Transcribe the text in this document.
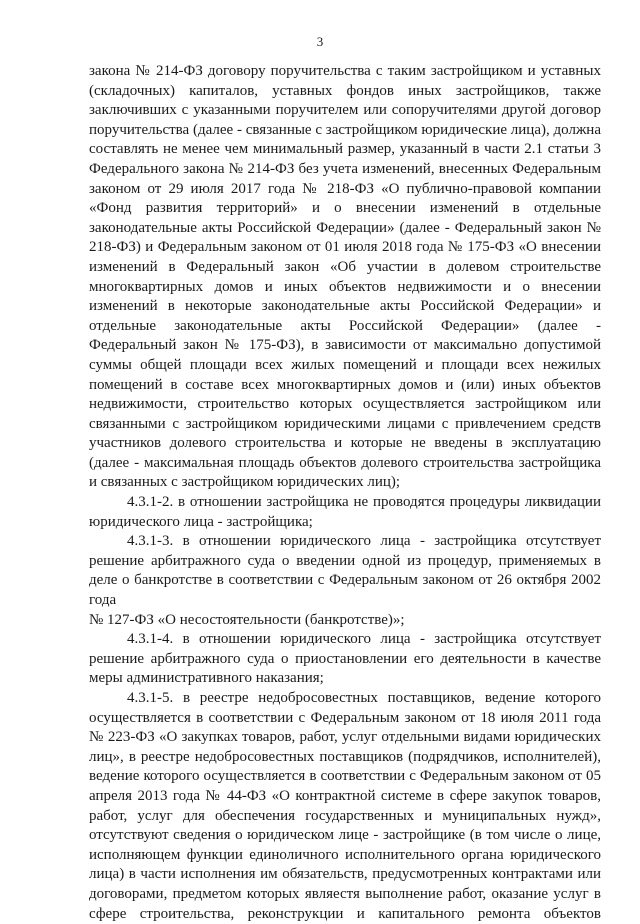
3
закона № 214-ФЗ договору поручительства с таким застройщиком и уставных
(складочных) капиталов, уставных фондов иных застройщиков, также
заключивших с указанными поручителем или сопоручителями другой договор
поручительства (далее - связанные с застройщиком юридические лица), должна
составлять не менее чем минимальный размер, указанный в части 2.1 статьи 3
Федерального закона № 214-ФЗ без учета изменений, внесенных Федеральным
законом от 29 июля 2017 года № 218-ФЗ «О публично-правовой компании
«Фонд развития территорий» и о внесении изменений в отдельные
законодательные акты Российской Федерации» (далее - Федеральный закон №
218-ФЗ) и Федеральным законом от 01 июля 2018 года № 175-ФЗ «О внесении
изменений в Федеральный закон «Об участии в долевом строительстве
многоквартирных домов и иных объектов недвижимости и о внесении
изменений в некоторые законодательные акты Российской Федерации» и
отдельные законодательные акты Российской Федерации» (далее -
Федеральный закон № 175-ФЗ), в зависимости от максимально допустимой
суммы общей площади всех жилых помещений и площади всех нежилых
помещений в составе всех многоквартирных домов и (или) иных объектов
недвижимости, строительство которых осуществляется застройщиком или
связанными с застройщиком юридическими лицами с привлечением средств
участников долевого строительства и которые не введены в эксплуатацию
(далее - максимальная площадь объектов долевого строительства застройщика
и связанных с застройщиком юридических лиц);
4.3.1-2. в отношении застройщика не проводятся процедуры ликвидации
юридического лица - застройщика;
4.3.1-3. в отношении юридического лица - застройщика отсутствует
решение арбитражного суда о введении одной из процедур, применяемых в
деле о банкротстве в соответствии с Федеральным законом от 26 октября 2002
года
№ 127-ФЗ «О несостоятельности (банкротстве)»;
4.3.1-4. в отношении юридического лица - застройщика отсутствует
решение арбитражного суда о приостановлении его деятельности в качестве
меры административного наказания;
4.3.1-5. в реестре недобросовестных поставщиков, ведение которого
осуществляется в соответствии с Федеральным законом от 18 июля 2011 года
№ 223-ФЗ «О закупках товаров, работ, услуг отдельными видами юридических
лиц», в реестре недобросовестных поставщиков (подрядчиков, исполнителей),
ведение которого осуществляется в соответствии с Федеральным законом от 05
апреля 2013 года № 44-ФЗ «О контрактной системе в сфере закупок товаров,
работ, услуг для обеспечения государственных и муниципальных нужд»,
отсутствуют сведения о юридическом лице - застройщике (в том числе о лице,
исполняющем функции единоличного исполнительного органа юридического
лица) в части исполнения им обязательств, предусмотренных контрактами или
договорами, предметом которых являестя выполнение работ, оказание услуг в
сфере строительства, реконструкции и капитального ремонта объектов
